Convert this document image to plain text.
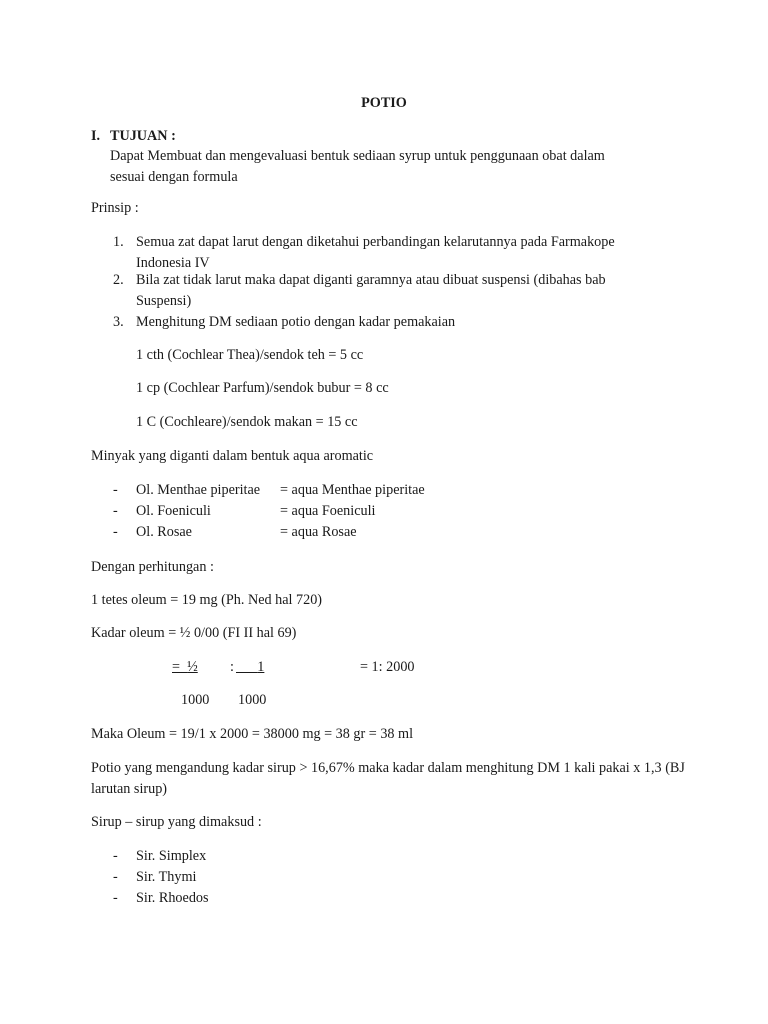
POTIO
I. TUJUAN :
Dapat Membuat dan mengevaluasi bentuk sediaan syrup untuk penggunaan obat dalam sesuai dengan formula
Prinsip :
1. Semua zat dapat larut dengan diketahui perbandingan kelarutannya pada Farmakope Indonesia IV
2. Bila zat tidak larut maka dapat diganti garamnya atau dibuat suspensi (dibahas bab Suspensi)
3. Menghitung DM sediaan potio dengan kadar pemakaian
1 cth (Cochlear Thea)/sendok teh = 5 cc
1 cp (Cochlear Parfum)/sendok bubur = 8 cc
1 C (Cochleare)/sendok makan = 15 cc
Minyak yang diganti dalam bentuk aqua aromatic
- Ol. Menthae piperitae = aqua Menthae piperitae
- Ol. Foeniculi	= aqua Foeniculi
- Ol. Rosae	= aqua Rosae
Dengan perhitungan :
1 tetes oleum = 19 mg (Ph. Ned hal 720)
Kadar oleum = ½ 0/00 (FI II hal 69)
= ½	:	1	= 1: 2000
1000 1000
Maka Oleum = 19/1 x 2000 = 38000 mg = 38 gr = 38 ml
Potio yang mengandung kadar sirup > 16,67% maka kadar dalam menghitung DM 1 kali pakai x 1,3 (BJ larutan sirup)
Sirup – sirup yang dimaksud :
- Sir. Simplex
- Sir. Thymi
- Sir. Rhoedos
